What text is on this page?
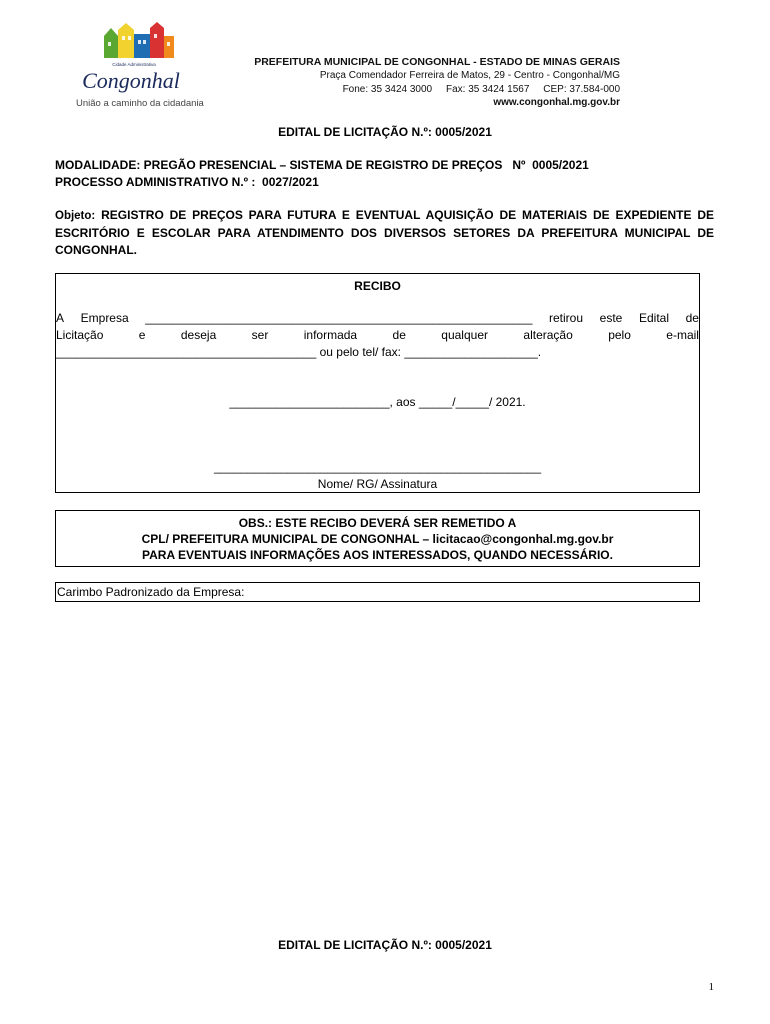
Cidade Administrativa
Congonhal
União a caminho da cidadania
PREFEITURA MUNICIPAL DE CONGONHAL - ESTADO DE MINAS GERAIS
Praça Comendador Ferreira de Matos, 29 - Centro - Congonhal/MG
Fone: 35 3424 3000     Fax: 35 3424 1567     CEP: 37.584-000
www.congonhal.mg.gov.br
EDITAL DE LICITAÇÃO N.º: 0005/2021
MODALIDADE: PREGÃO PRESENCIAL – SISTEMA DE REGISTRO DE PREÇOS   Nº  0005/2021
PROCESSO ADMINISTRATIVO N.º :  0027/2021
Objeto: REGISTRO DE PREÇOS PARA FUTURA E EVENTUAL AQUISIÇÃO DE MATERIAIS DE EXPEDIENTE DE ESCRITÓRIO E ESCOLAR PARA ATENDIMENTO DOS DIVERSOS SETORES DA PREFEITURA MUNICIPAL DE CONGONHAL.
RECIBO
A Empresa __________________________________________________________ retirou este Edital de
Licitação	e	deseja	ser	informada	de	qualquer	alteração	pelo	e-mail
_______________________________________ ou pelo tel/ fax: ____________________.
________________________, aos _____/_____/ 2021.
_________________________________________________
Nome/ RG/ Assinatura
OBS.: ESTE RECIBO DEVERÁ SER REMETIDO A
CPL/ PREFEITURA MUNICIPAL DE CONGONHAL – licitacao@congonhal.mg.gov.br
PARA EVENTUAIS INFORMAÇÕES AOS INTERESSADOS, QUANDO NECESSÁRIO.
Carimbo Padronizado da Empresa:
EDITAL DE LICITAÇÃO N.º: 0005/2021
1
